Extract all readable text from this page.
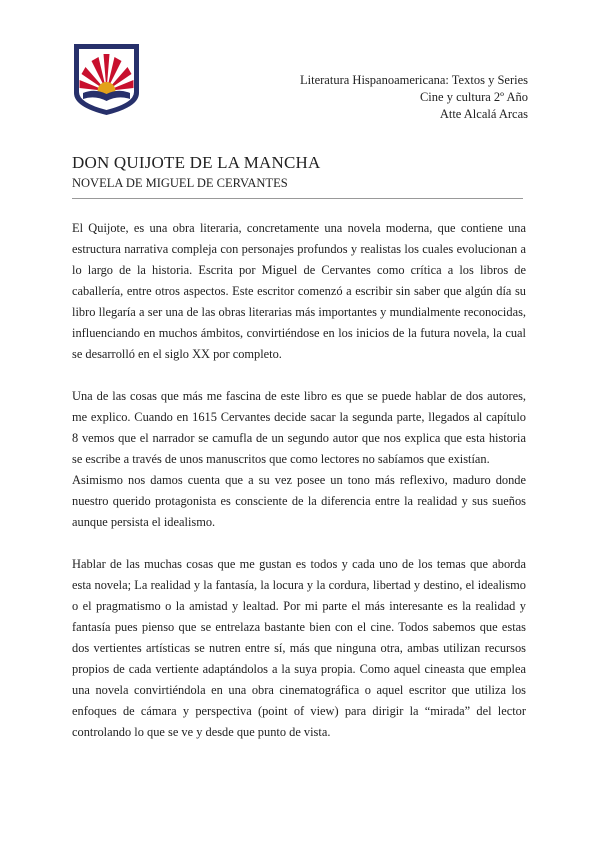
Literatura Hispanoamericana: Textos y Series
Cine y cultura 2º Año
Atte Alcalá Arcas
DON QUIJOTE DE LA MANCHA
NOVELA DE MIGUEL DE CERVANTES

El Quijote, es una obra literaria, concretamente una novela moderna, que contiene una estructura narrativa compleja con personajes profundos y realistas los cuales evolucionan a lo largo de la historia. Escrita por Miguel de Cervantes como crítica a los libros de caballería, entre otros aspectos. Este escritor comenzó a escribir sin saber que algún día su libro llegaría a ser una de las obras literarias más importantes y mundialmente reconocidas, influenciando en muchos ámbitos, convirtiéndose en los inicios de la futura novela, la cual se desarrolló en el siglo XX por completo.

Una de las cosas que más me fascina de este libro es que se puede hablar de dos autores, me explico. Cuando en 1615 Cervantes decide sacar la segunda parte, llegados al capítulo 8 vemos que el narrador se camufla de un segundo autor que nos explica que esta historia se escribe a través de unos manuscritos que como lectores no sabíamos que existían.

Asimismo nos damos cuenta que a su vez posee un tono más reflexivo, maduro donde nuestro querido protagonista es consciente de la diferencia entre la realidad y sus sueños aunque persista el idealismo.

Hablar de las muchas cosas que me gustan es todos y cada uno de los temas que aborda esta novela; La realidad y la fantasía, la locura y la cordura, libertad y destino, el idealismo o el pragmatismo o la amistad y lealtad. Por mi parte el más interesante es la realidad y fantasía pues pienso que se entrelaza bastante bien con el cine. Todos sabemos que estas dos vertientes artísticas se nutren entre sí, más que ninguna otra, ambas utilizan recursos propios de cada vertiente adaptándolos a la suya propia. Como aquel cineasta que emplea una novela convirtiéndola en una obra cinematográfica o aquel escritor que utiliza los enfoques de cámara y perspectiva (point of view) para dirigir la “mirada” del lector controlando lo que se ve y desde que punto de vista.
